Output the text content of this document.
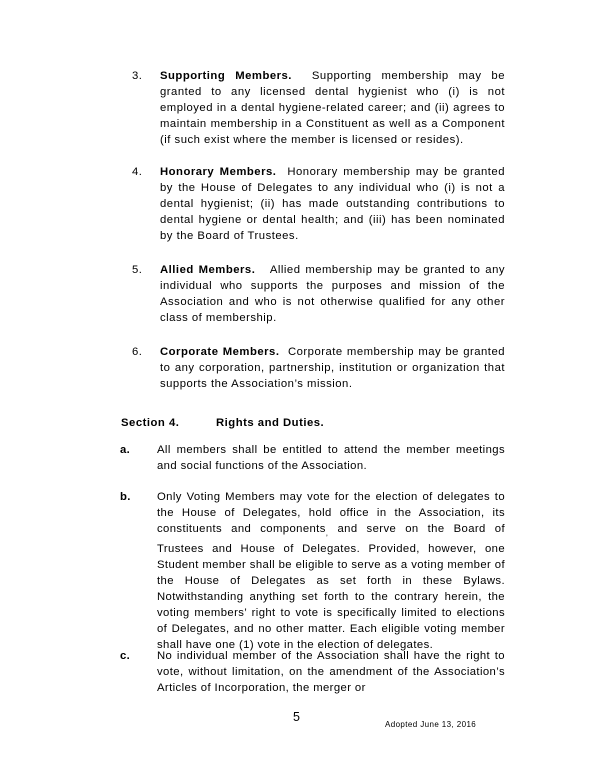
3. Supporting Members. Supporting membership may be granted to any licensed dental hygienist who (i) is not employed in a dental hygiene-related career; and (ii) agrees to maintain membership in a Constituent as well as a Component (if such exist where the member is licensed or resides).

4. Honorary Members. Honorary membership may be granted by the House of Delegates to any individual who (i) is not a dental hygienist; (ii) has made outstanding contributions to dental hygiene or dental health; and (iii) has been nominated by the Board of Trustees.

5. Allied Members. Allied membership may be granted to any individual who supports the purposes and mission of the Association and who is not otherwise qualified for any other class of membership.

6. Corporate Members. Corporate membership may be granted to any corporation, partnership, institution or organization that supports the Association’s mission.

Section 4.	Rights and Duties.
a. All members shall be entitled to attend the member meetings and social functions of the Association.

b. Only Voting Members may vote for the election of delegates to the House of Delegates, hold office in the Association, its constituents and components$_,$ and serve on the Board of Trustees and House of Delegates. Provided, however, one Student member shall be eligible to serve as a voting member of the House of Delegates as set forth in these Bylaws. Notwithstanding anything set forth to the contrary herein, the voting members’ right to vote is specifically limited to elections of Delegates, and no other matter. Each eligible voting member shall have one (1) vote in the election of delegates.

c. No individual member of the Association shall have the right to vote, without limitation, on the amendment of the Association’s Articles of Incorporation, the merger or

5
Adopted June 13, 2016
